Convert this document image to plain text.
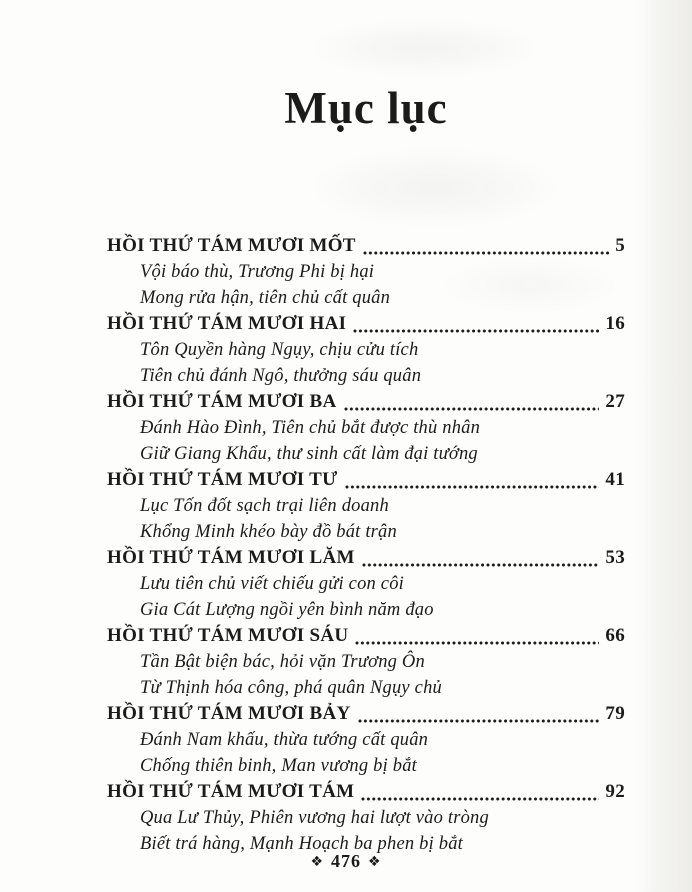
Mục lục
HỒI THỨ TÁM MƯƠI MỐT	5
Vội báo thù, Trương Phi bị hại
Mong rửa hận, tiên chủ cất quân
HỒI THỨ TÁM MƯƠI HAI	16
Tôn Quyền hàng Ngụy, chịu cửu tích
Tiên chủ đánh Ngô, thưởng sáu quân
HỒI THỨ TÁM MƯƠI BA	27
Đánh Hào Đình, Tiên chủ bắt được thù nhân
Giữ Giang Khẩu, thư sinh cất làm đại tướng
HỒI THỨ TÁM MƯƠI TƯ	41
Lục Tốn đốt sạch trại liên doanh
Khổng Minh khéo bày đồ bát trận
HỒI THỨ TÁM MƯƠI LĂM	53
Lưu tiên chủ viết chiếu gửi con côi
Gia Cát Lượng ngồi yên bình năm đạo
HỒI THỨ TÁM MƯƠI SÁU	66
Tần Bật biện bác, hỏi vặn Trương Ôn
Từ Thịnh hóa công, phá quân Ngụy chủ
HỒI THỨ TÁM MƯƠI BẢY	79
Đánh Nam khấu, thừa tướng cất quân
Chống thiên binh, Man vương bị bắt
HỒI THỨ TÁM MƯƠI TÁM	92
Qua Lư Thủy, Phiên vương hai lượt vào tròng
Biết trá hàng, Mạnh Hoạch ba phen bị bắt
❖ 476 ❖
